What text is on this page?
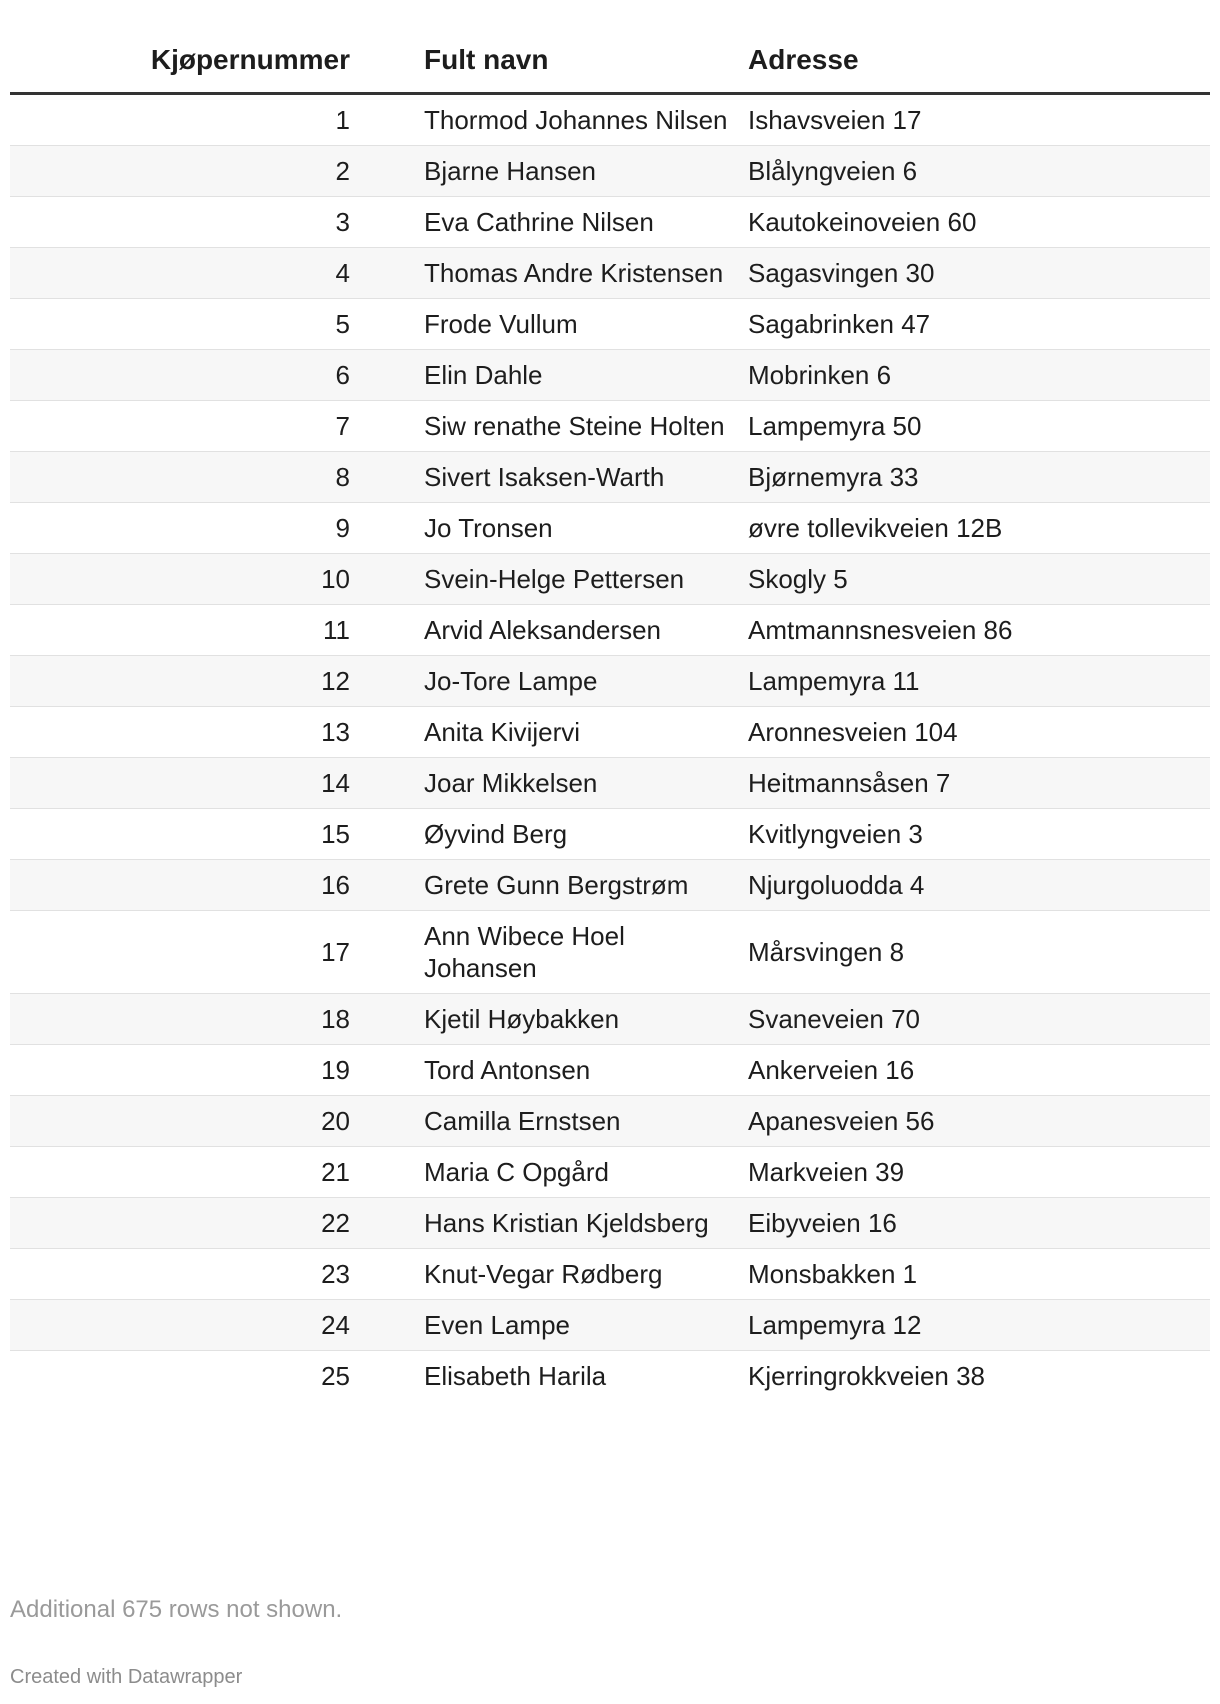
Kjøpernummer	Fult navn	Adresse
1	Thormod Johannes Nilsen	Ishavsveien 17
2	Bjarne Hansen	Blålyngveien 6
3	Eva Cathrine Nilsen	Kautokeinoveien 60
4	Thomas Andre Kristensen	Sagasvingen 30
5	Frode Vullum	Sagabrinken 47
6	Elin Dahle	Mobrinken 6
7	Siw renathe Steine Holten	Lampemyra 50
8	Sivert Isaksen-Warth	Bjørnemyra 33
9	Jo Tronsen	øvre tollevikveien 12B
10	Svein-Helge Pettersen	Skogly 5
11	Arvid Aleksandersen	Amtmannsnesveien 86
12	Jo-Tore Lampe	Lampemyra 11
13	Anita Kivijervi	Aronnesveien 104
14	Joar Mikkelsen	Heitmannsåsen 7
15	Øyvind Berg	Kvitlyngveien 3
16	Grete Gunn Bergstrøm	Njurgoluodda 4
17	Ann Wibece Hoel Johansen	Mårsvingen 8
18	Kjetil Høybakken	Svaneveien 70
19	Tord Antonsen	Ankerveien 16
20	Camilla Ernstsen	Apanesveien 56
21	Maria C Opgård	Markveien 39
22	Hans Kristian Kjeldsberg	Eibyveien 16
23	Knut-Vegar Rødberg	Monsbakken 1
24	Even Lampe	Lampemyra 12
25	Elisabeth Harila	Kjerringrokkveien 38
Additional 675 rows not shown.
Created with Datawrapper
